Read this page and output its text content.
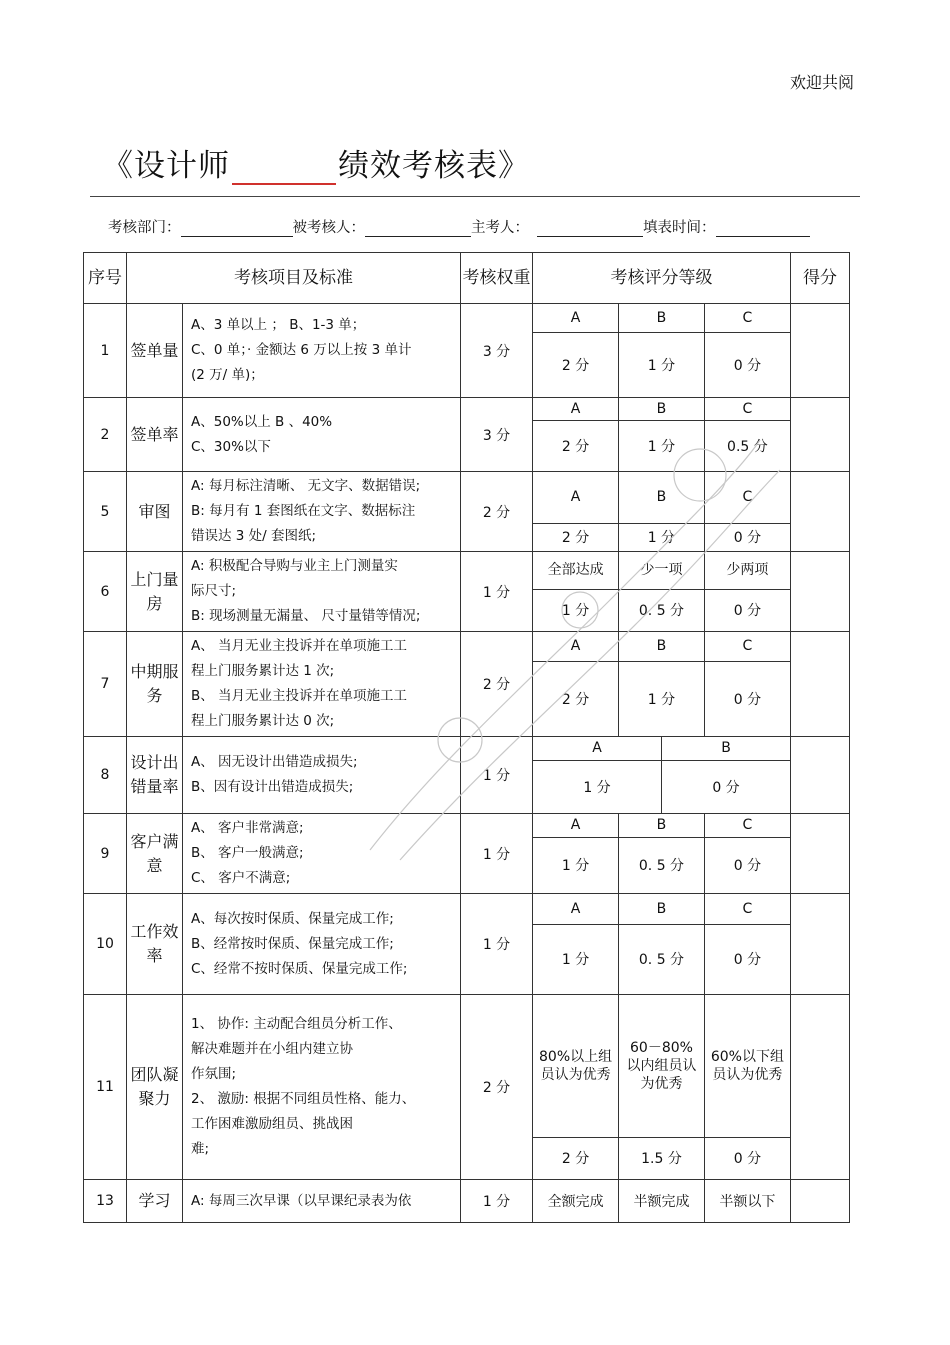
欢迎共阅
《设计师	绩效考核表》
考核部门：	被考核人：	主考人：	填表时间：
序号	考核项目及标准	考核权重	考核评分等级	得分
1	签单量	
A、3 单以上 ； B、1-3 单；
C、0 单；· 金额达 6 万以上按 3 单计
(2 万/ 单)；
	3 分	
A	B	C
2 分	1 分	0 分

2	签单率	
A、50%以上 B 、40%
C、30%以下
	3 分	
A	B	C
2 分	1 分	0.5 分

5	审图	
A: 每月标注清晰、 无文字、数据错误;
B: 每月有 1 套图纸在文字、数据标注
错误达 3 处/ 套图纸;
	2 分	
A	B	C
2 分	1 分	0 分

6	上门量房	
A: 积极配合导购与业主上门测量实
际尺寸;
B: 现场测量无漏量、 尺寸量错等情况;
	1 分	
全部达成	少一项	少两项
1 分	0. 5 分	0 分

7	中期服务	
A、 当月无业主投诉并在单项施工工
程上门服务累计达 1 次;
B、 当月无业主投诉并在单项施工工
程上门服务累计达 0 次;
	2 分	
A	B	C
2 分	1 分	0 分

8	设计出错量率	
A、 因无设计出错造成损失;
B、因有设计出错造成损失;
	1 分	
A	B
1 分	0 分

9	客户满意	
A、 客户非常满意;
B、 客户一般满意;
C、 客户不满意;
	1 分	
A	B	C
1 分	0. 5 分	0 分

10	工作效率	
A、每次按时保质、保量完成工作;
B、经常按时保质、保量完成工作;
C、经常不按时保质、保量完成工作;
	1 分	
A	B	C
1 分	0. 5 分	0 分

11	团队凝聚力	
1、 协作: 主动配合组员分析工作、
解决难题并在小组内建立协
作氛围;
2、 激励: 根据不同组员性格、能力、
工作困难激励组员、挑战困
难;
	2 分	
80%以上组员认为优秀	60－80%以内组员认为优秀	60%以下组员认为优秀
2 分	1.5 分	0 分

13	学习	A: 每周三次早课（以早课纪录表为依	1 分		全额完成	半额完成	半额以下
